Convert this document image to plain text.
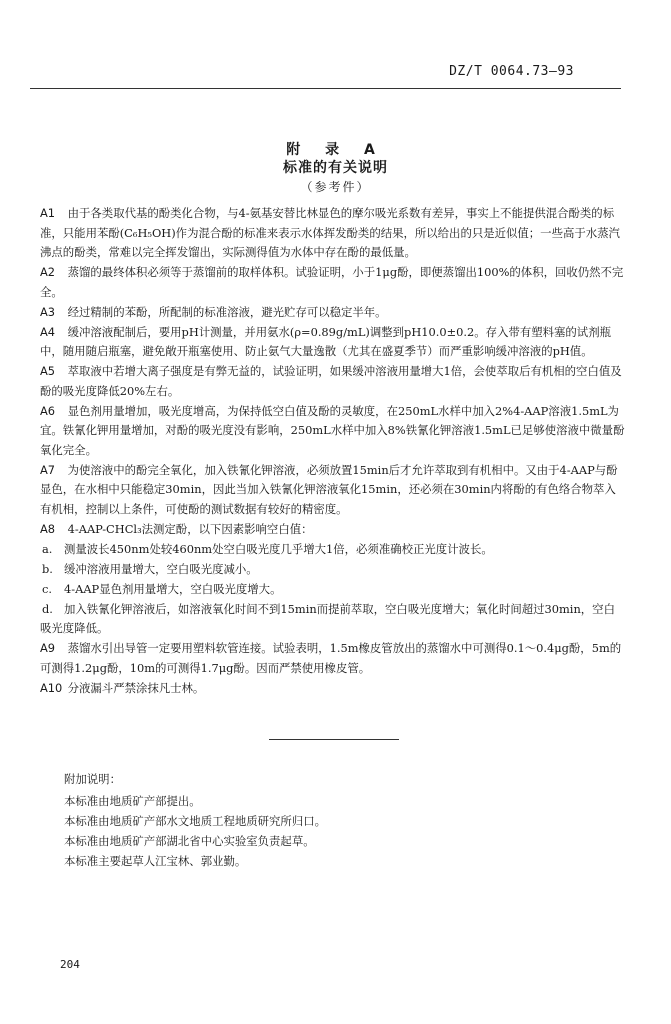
DZ/T 0064.73—93
附 录 A
标准的有关说明
（参考件）

A1 由于各类取代基的酚类化合物，与4-氨基安替比林显色的摩尔吸光系数有差异，事实上不能提供混合酚类的标准，只能用苯酚(C₆H₅OH)作为混合酚的标准来表示水体挥发酚类的结果，所以给出的只是近似值；一些高于水蒸汽沸点的酚类，常难以完全挥发馏出，实际测得值为水体中存在酚的最低量。

A2 蒸馏的最终体积必须等于蒸馏前的取样体积。试验证明，小于1μg酚，即便蒸馏出100%的体积，回收仍然不完全。

A3 经过精制的苯酚，所配制的标准溶液，避光贮存可以稳定半年。

A4 缓冲溶液配制后，要用pH计测量，并用氨水(ρ=0.89g/mL)调整到pH10.0±0.2。存入带有塑料塞的试剂瓶中，随用随启瓶塞，避免敞开瓶塞使用、防止氨气大量逸散（尤其在盛夏季节）而严重影响缓冲溶液的pH值。

A5 萃取液中若增大离子强度是有弊无益的，试验证明，如果缓冲溶液用量增大1倍，会使萃取后有机相的空白值及酚的吸光度降低20%左右。

A6 显色剂用量增加，吸光度增高，为保持低空白值及酚的灵敏度，在250mL水样中加入2%4-AAP溶液1.5mL为宜。铁氰化钾用量增加，对酚的吸光度没有影响，250mL水样中加入8%铁氰化钾溶液1.5mL已足够使溶液中微量酚氧化完全。

A7 为使溶液中的酚完全氧化，加入铁氰化钾溶液，必须放置15min后才允许萃取到有机相中。又由于4-AAP与酚显色，在水相中只能稳定30min，因此当加入铁氰化钾溶液氧化15min，还必须在30min内将酚的有色络合物萃入有机相，控制以上条件，可使酚的测试数据有较好的精密度。

A8 4-AAP-CHCl₃法测定酚，以下因素影响空白值：

a. 测量波长450nm处较460nm处空白吸光度几乎增大1倍，必须准确校正光度计波长。

b. 缓冲溶液用量增大，空白吸光度减小。

c. 4-AAP显色剂用量增大，空白吸光度增大。

d. 加入铁氰化钾溶液后，如溶液氧化时间不到15min而提前萃取，空白吸光度增大；氧化时间超过30min，空白吸光度降低。

A9 蒸馏水引出导管一定要用塑料软管连接。试验表明，1.5m橡皮管放出的蒸馏水中可测得0.1～0.4μg酚，5m的可测得1.2μg酚，10m的可测得1.7μg酚。因而严禁使用橡皮管。

A10 分液漏斗严禁涂抹凡士林。

附加说明：
本标准由地质矿产部提出。
本标准由地质矿产部水文地质工程地质研究所归口。
本标准由地质矿产部湖北省中心实验室负责起草。
本标准主要起草人江宝林、郭业勤。
204
